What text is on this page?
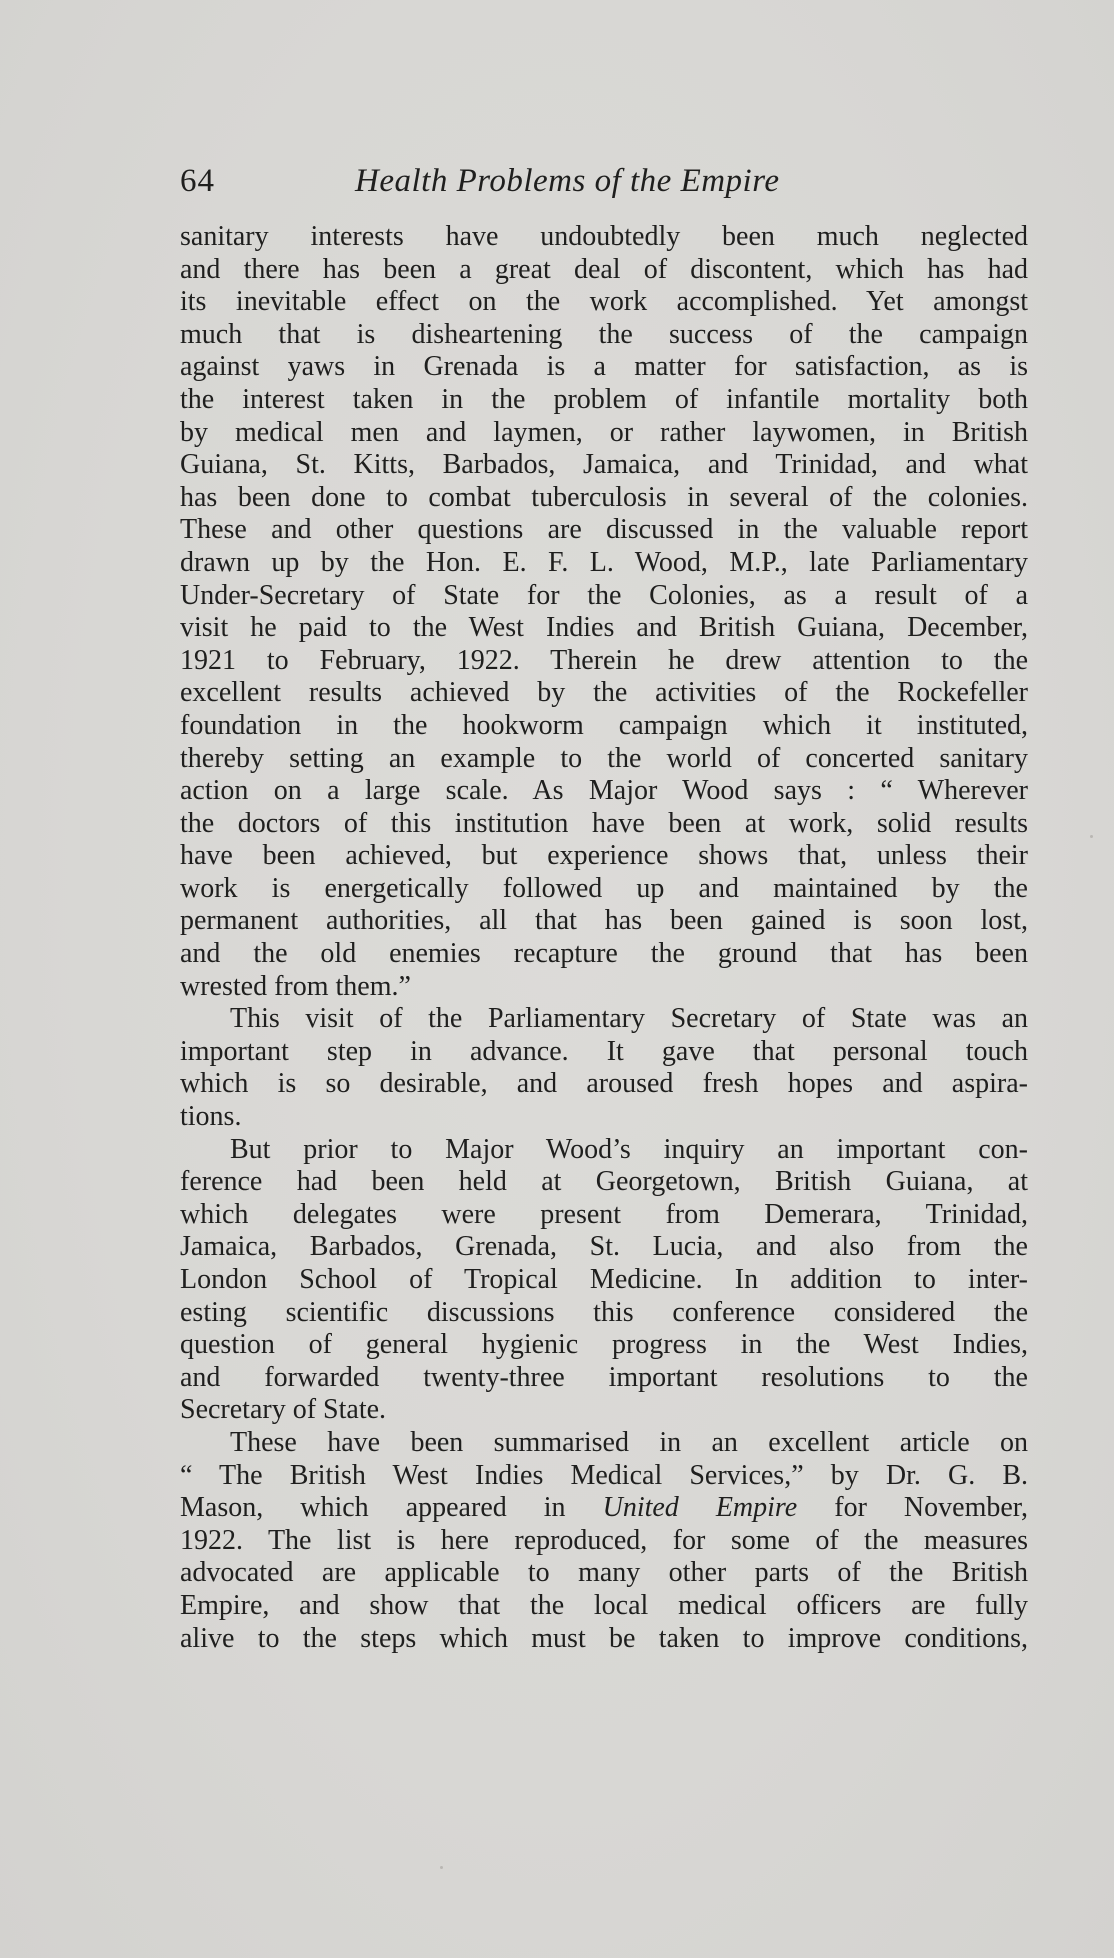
64	Health Problems of the Empire
sanitary interests have undoubtedly been much neglected
and there has been a great deal of discontent, which has had
its inevitable effect on the work accomplished. Yet amongst
much that is disheartening the success of the campaign
against yaws in Grenada is a matter for satisfaction, as is
the interest taken in the problem of infantile mortality both
by medical men and laymen, or rather laywomen, in British
Guiana, St. Kitts, Barbados, Jamaica, and Trinidad, and what
has been done to combat tuberculosis in several of the colonies.
These and other questions are discussed in the valuable report
drawn up by the Hon. E. F. L. Wood, M.P., late Parliamentary
Under-Secretary of State for the Colonies, as a result of a
visit he paid to the West Indies and British Guiana, December,
1921 to February, 1922. Therein he drew attention to the
excellent results achieved by the activities of the Rockefeller
foundation in the hookworm campaign which it instituted,
thereby setting an example to the world of concerted sanitary
action on a large scale. As Major Wood says : “ Wherever
the doctors of this institution have been at work, solid results
have been achieved, but experience shows that, unless their
work is energetically followed up and maintained by the
permanent authorities, all that has been gained is soon lost,
and the old enemies recapture the ground that has been
wrested from them.”
This visit of the Parliamentary Secretary of State was an
important step in advance. It gave that personal touch
which is so desirable, and aroused fresh hopes and aspira-
tions.
But prior to Major Wood’s inquiry an important con-
ference had been held at Georgetown, British Guiana, at
which delegates were present from Demerara, Trinidad,
Jamaica, Barbados, Grenada, St. Lucia, and also from the
London School of Tropical Medicine. In addition to inter-
esting scientific discussions this conference considered the
question of general hygienic progress in the West Indies,
and forwarded twenty-three important resolutions to the
Secretary of State.
These have been summarised in an excellent article on
“ The British West Indies Medical Services,” by Dr. G. B.
Mason, which appeared in United Empire for November,
1922. The list is here reproduced, for some of the measures
advocated are applicable to many other parts of the British
Empire, and show that the local medical officers are fully
alive to the steps which must be taken to improve conditions,
